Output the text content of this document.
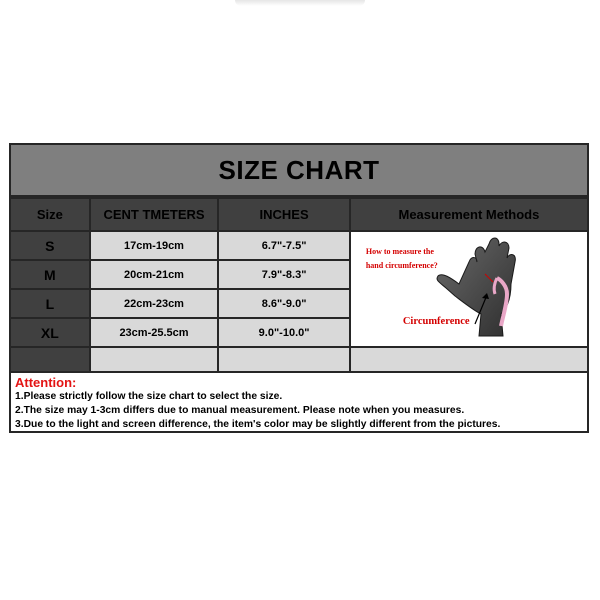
SIZE CHART
Size	CENT TMETERS	INCHES	Measurement Methods
S	17cm-19cm	6.7"-7.5"	How to measure the
hand circumference?
Circumference

M	20cm-21cm	7.9"-8.3"	
L	22cm-23cm	8.6"-9.0"	
XL	23cm-25.5cm	9.0"-10.0"	

Attention:
1.Please strictly follow the size chart to select the size.
2.The size may 1-3cm differs due to manual measurement. Please note when you measures.
3.Due to the light and screen difference, the item's color may be slightly different from the pictures.
